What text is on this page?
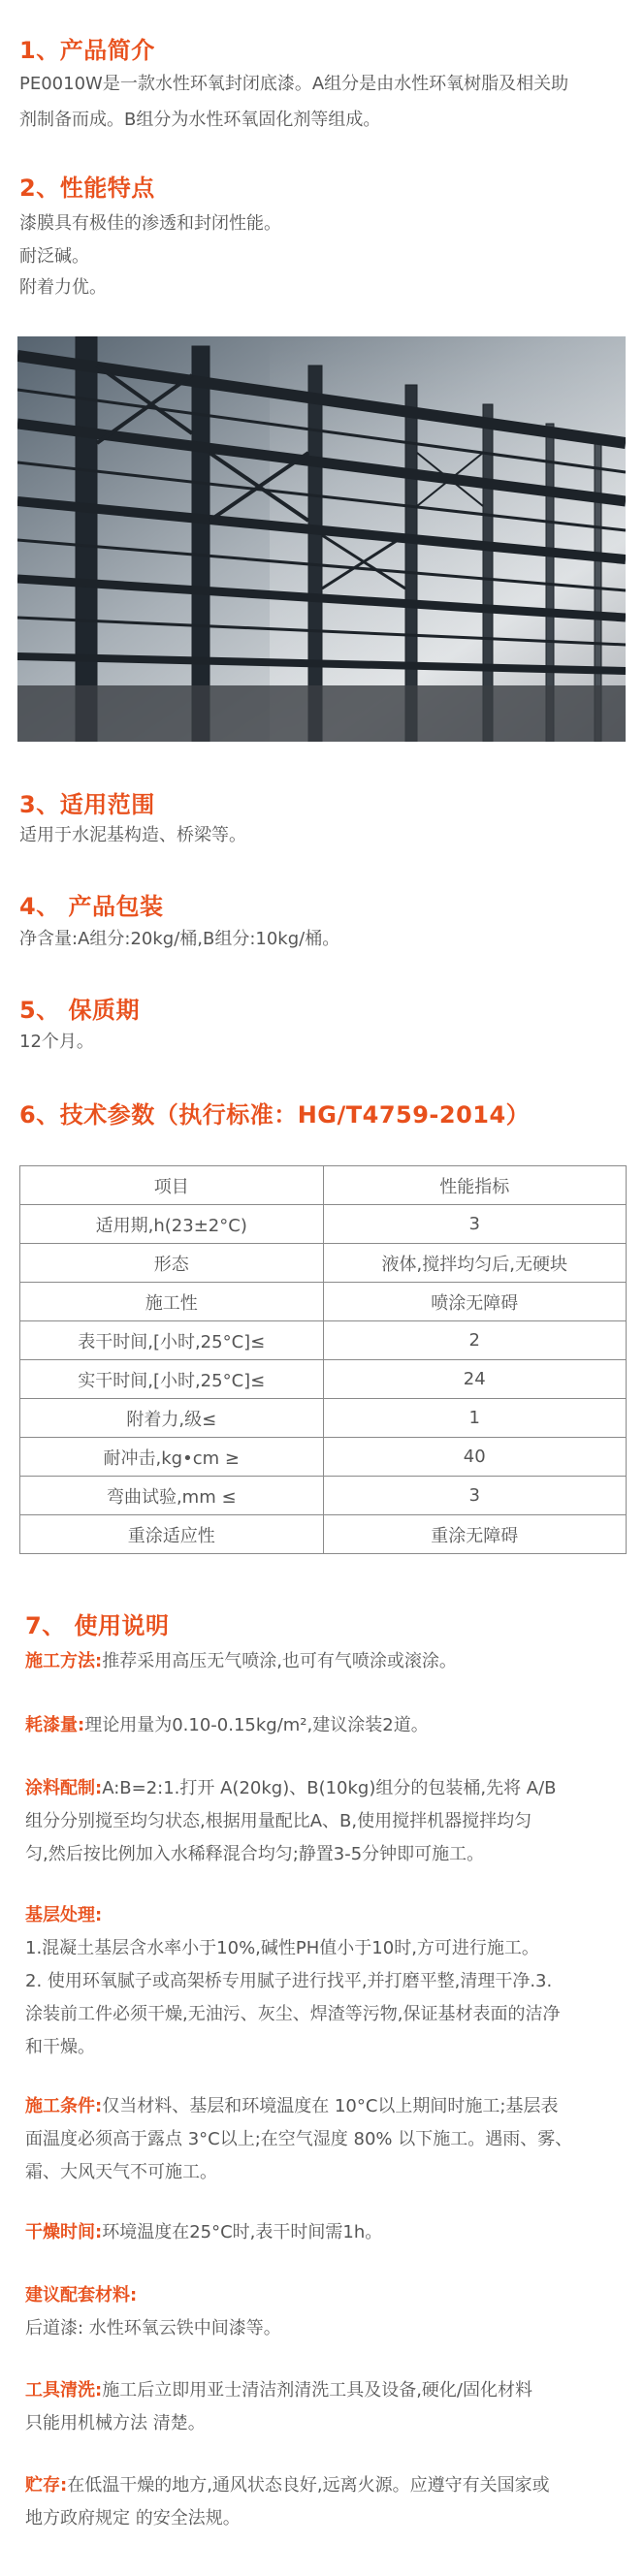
1、产品简介

PE0010W是一款水性环氧封闭底漆。A组分是由水性环氧树脂及相关助

剂制备而成。B组分为水性环氧固化剂等组成。

2、性能特点

漆膜具有极佳的渗透和封闭性能。

耐泛碱。

附着力优。

3、适用范围

适用于水泥基构造、桥梁等。

4、 产品包装

净含量:A组分:20kg/桶,B组分:10kg/桶。

5、 保质期

12个月。

6、技术参数（执行标准：HG/T4759-2014）
项目	性能指标
适用期,h(23±2°C)	3
形态	液体,搅拌均匀后,无硬块
施工性	喷涂无障碍
表干时间,[小时,25°C]≤	2
实干时间,[小时,25°C]≤	24
附着力,级≤	1
耐冲击,kg•cm ≥	40
弯曲试验,mm ≤	3
重涂适应性	重涂无障碍
7、 使用说明
施工方法:推荐采用高压无气喷涂,也可有气喷涂或滚涂。
耗漆量:理论用量为0.10-0.15kg/m²,建议涂装2道。
涂料配制:A:B=2:1.打开 A(20kg)、B(10kg)组分的包装桶,先将 A/B
组分分别搅至均匀状态,根据用量配比A、B,使用搅拌机器搅拌均匀
匀,然后按比例加入水稀释混合均匀;静置3-5分钟即可施工。
基层处理:
1.混凝土基层含水率小于10%,碱性PH值小于10时,方可进行施工。
2. 使用环氧腻子或高架桥专用腻子进行找平,并打磨平整,清理干净.3.
涂装前工件必须干燥,无油污、灰尘、焊渣等污物,保证基材表面的洁净
和干燥。
施工条件:仅当材料、基层和环境温度在 10°C以上期间时施工;基层表
面温度必须高于露点 3°C以上;在空气湿度 80% 以下施工。遇雨、雾、
霜、大风天气不可施工。
干燥时间:环境温度在25°C时,表干时间需1h。
建议配套材料:
后道漆: 水性环氧云铁中间漆等。
工具清洗:施工后立即用亚士清洁剂清洗工具及设备,硬化/固化材料
只能用机械方法 清楚。
贮存:在低温干燥的地方,通风状态良好,远离火源。应遵守有关国家或
地方政府规定 的安全法规。
